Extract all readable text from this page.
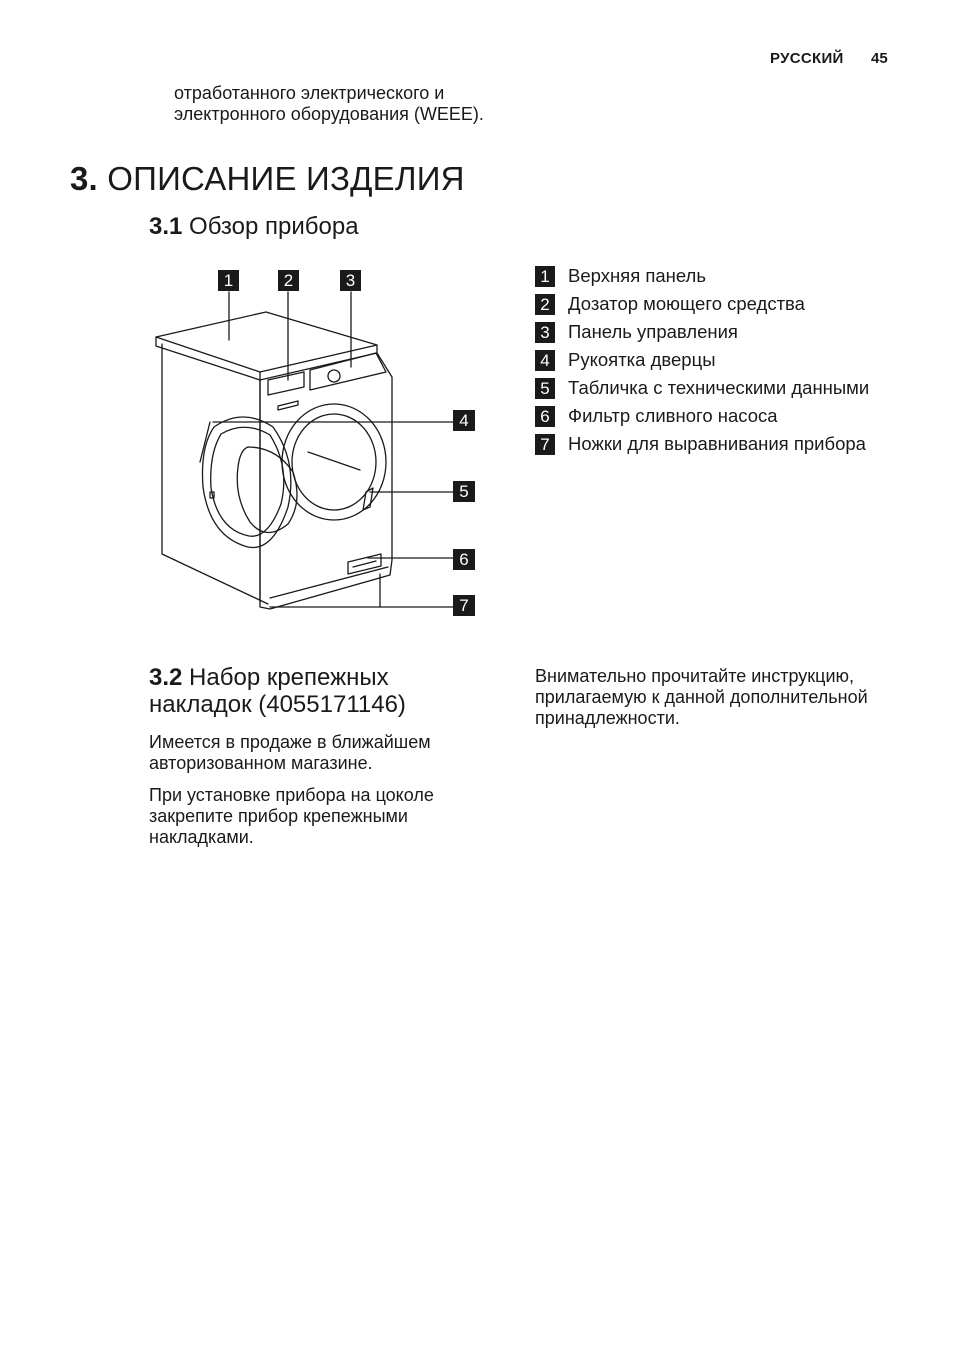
РУССКИЙ 45
отработанного электрического и электронного оборудования (WEEE).
3. ОПИСАНИЕ ИЗДЕЛИЯ
3.1 Обзор прибора
1	2	3
4
5
6
7
1 Верхняя панель
2 Дозатор моющего средства
3 Панель управления
4 Рукоятка дверцы
5 Табличка с техническими данными
6 Фильтр сливного насоса
7 Ножки для выравнивания прибора
3.2 Набор крепежных накладок (4055171146)
Имеется в продаже в ближайшем авторизованном магазине.
При установке прибора на цоколе закрепите прибор крепежными накладками.
Внимательно прочитайте инструкцию, прилагаемую к данной дополнительной принадлежности.
